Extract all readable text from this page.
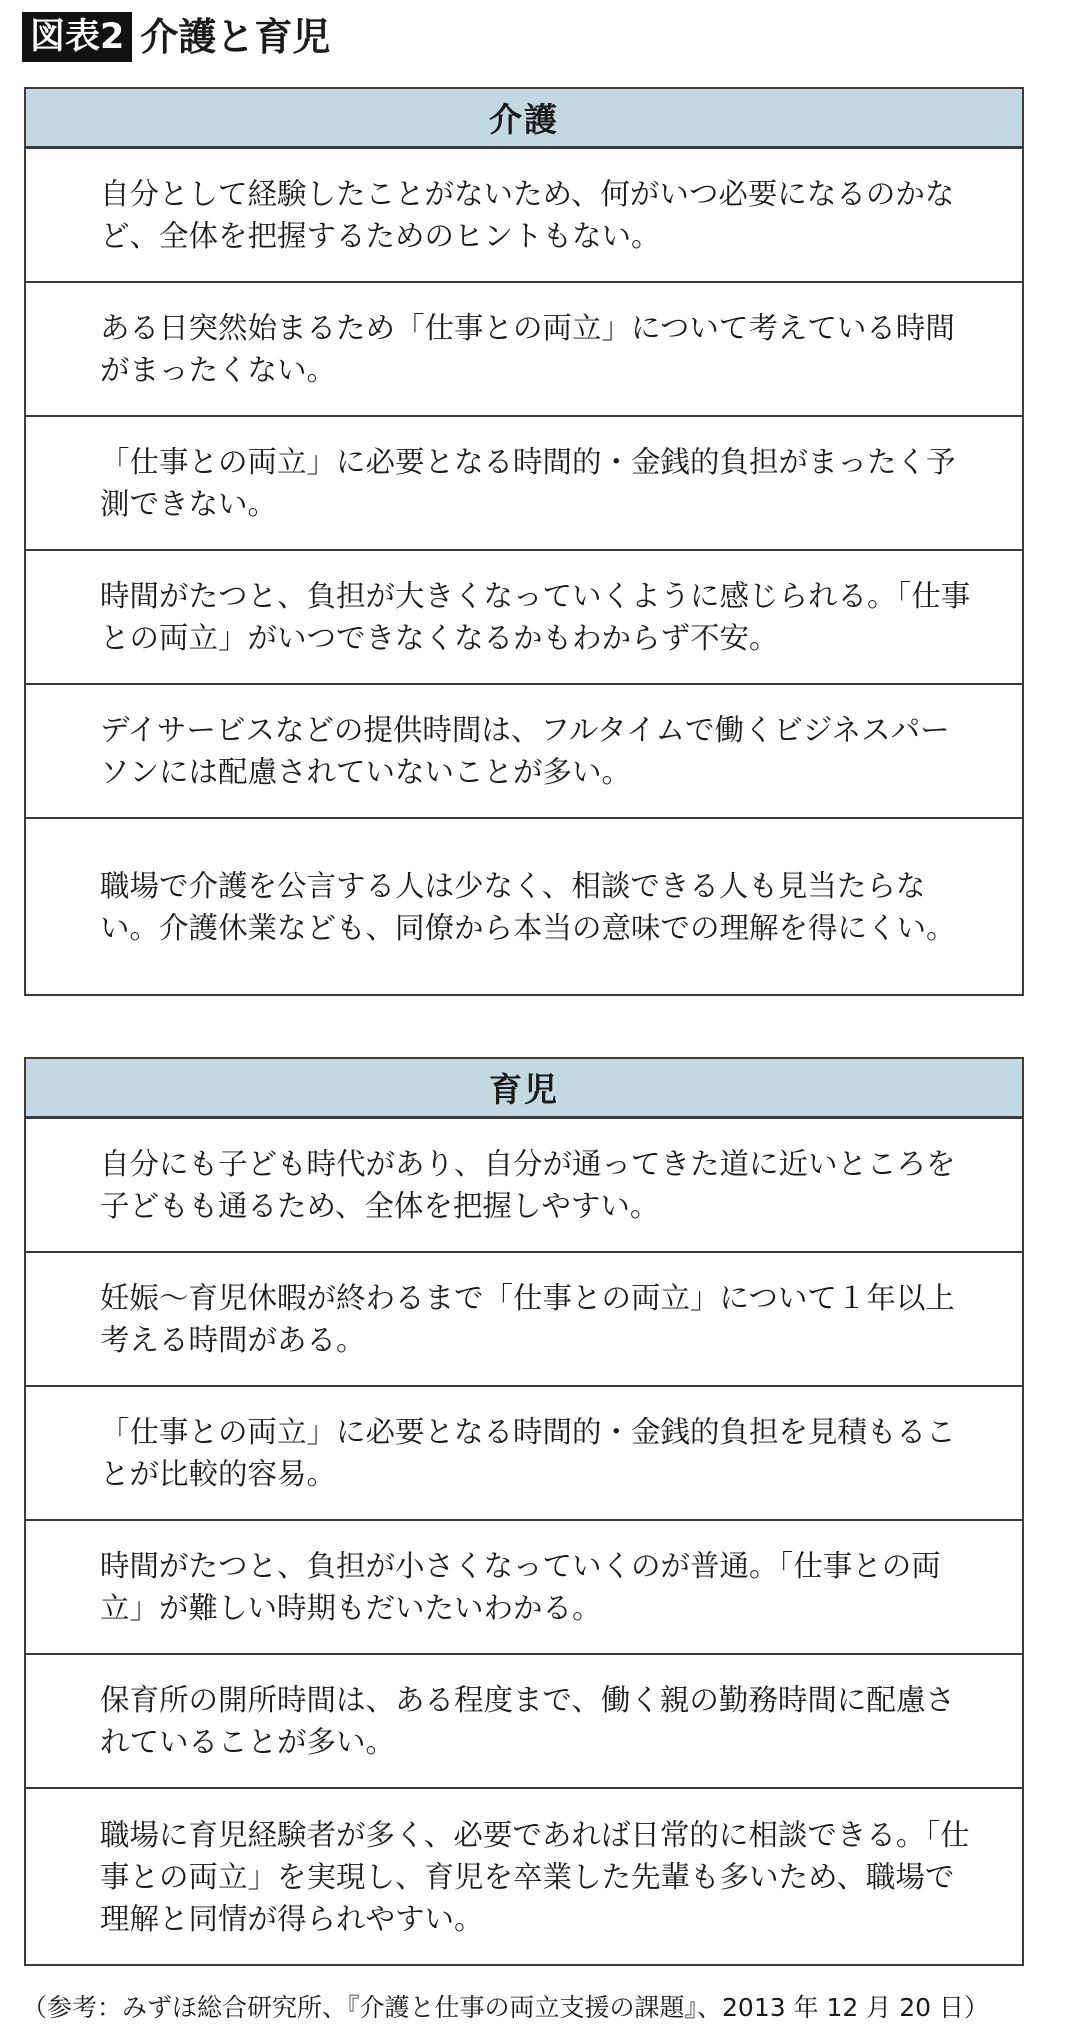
図表2 介護と育児
介護
自分として経験したことがないため、何がいつ必要になるのかなど、全体を把握するためのヒントもない。
ある日突然始まるため「仕事との両立」について考えている時間がまったくない。
「仕事との両立」に必要となる時間的・金銭的負担がまったく予測できない。
時間がたつと、負担が大きくなっていくように感じられる。「仕事との両立」がいつできなくなるかもわからず不安。
デイサービスなどの提供時間は、フルタイムで働くビジネスパーソンには配慮されていないことが多い。
職場で介護を公言する人は少なく、相談できる人も見当たらない。介護休業なども、同僚から本当の意味での理解を得にくい。
育児
自分にも子ども時代があり、自分が通ってきた道に近いところを子どもも通るため、全体を把握しやすい。
妊娠～育児休暇が終わるまで「仕事との両立」について１年以上考える時間がある。
「仕事との両立」に必要となる時間的・金銭的負担を見積もることが比較的容易。
時間がたつと、負担が小さくなっていくのが普通。「仕事との両立」が難しい時期もだいたいわかる。
保育所の開所時間は、ある程度まで、働く親の勤務時間に配慮されていることが多い。
職場に育児経験者が多く、必要であれば日常的に相談できる。「仕事との両立」を実現し、育児を卒業した先輩も多いため、職場で理解と同情が得られやすい。
（参考：みずほ総合研究所、『介護と仕事の両立支援の課題』、2013 年 12 月 20 日）
